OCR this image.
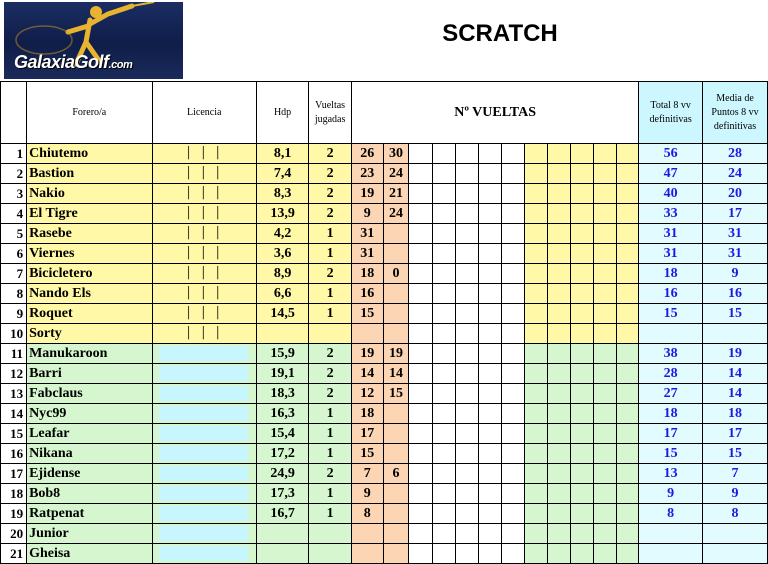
GalaxiaGolf.com
SCRATCH
	Forero/a	Licencia	Hdp	Vueltas jugadas	Nº VUELTAS												Total 8 vv definitivas	Media de Puntos 8 vv definitivas
1	Chiutemo	│ │ │	8,1	2	26	30											56	28
2	Bastion	│ │ │	7,4	2	23	24											47	24
3	Nakio	│ │ │	8,3	2	19	21											40	20
4	El Tigre	│ │ │	13,9	2	9	24											33	17
5	Rasebe	│ │ │	4,2	1	31												31	31
6	Viernes	│ │ │	3,6	1	31												31	31
7	Bicicletero	│ │ │	8,9	2	18	0											18	9
8	Nando Els	│ │ │	6,6	1	16												16	16
9	Roquet	│ │ │	14,5	1	15												15	15
10	Sorty	│ │ │																
11	Manukaroon		15,9	2	19	19											38	19
12	Barri		19,1	2	14	14											28	14
13	Fabclaus		18,3	2	12	15											27	14
14	Nyc99		16,3	1	18												18	18
15	Leafar		15,4	1	17												17	17
16	Nikana		17,2	1	15												15	15
17	Ejidense		24,9	2	7	6											13	7
18	Bob8		17,3	1	9												9	9
19	Ratpenat		16,7	1	8												8	8
20	Junior	

21	Gheisa	
